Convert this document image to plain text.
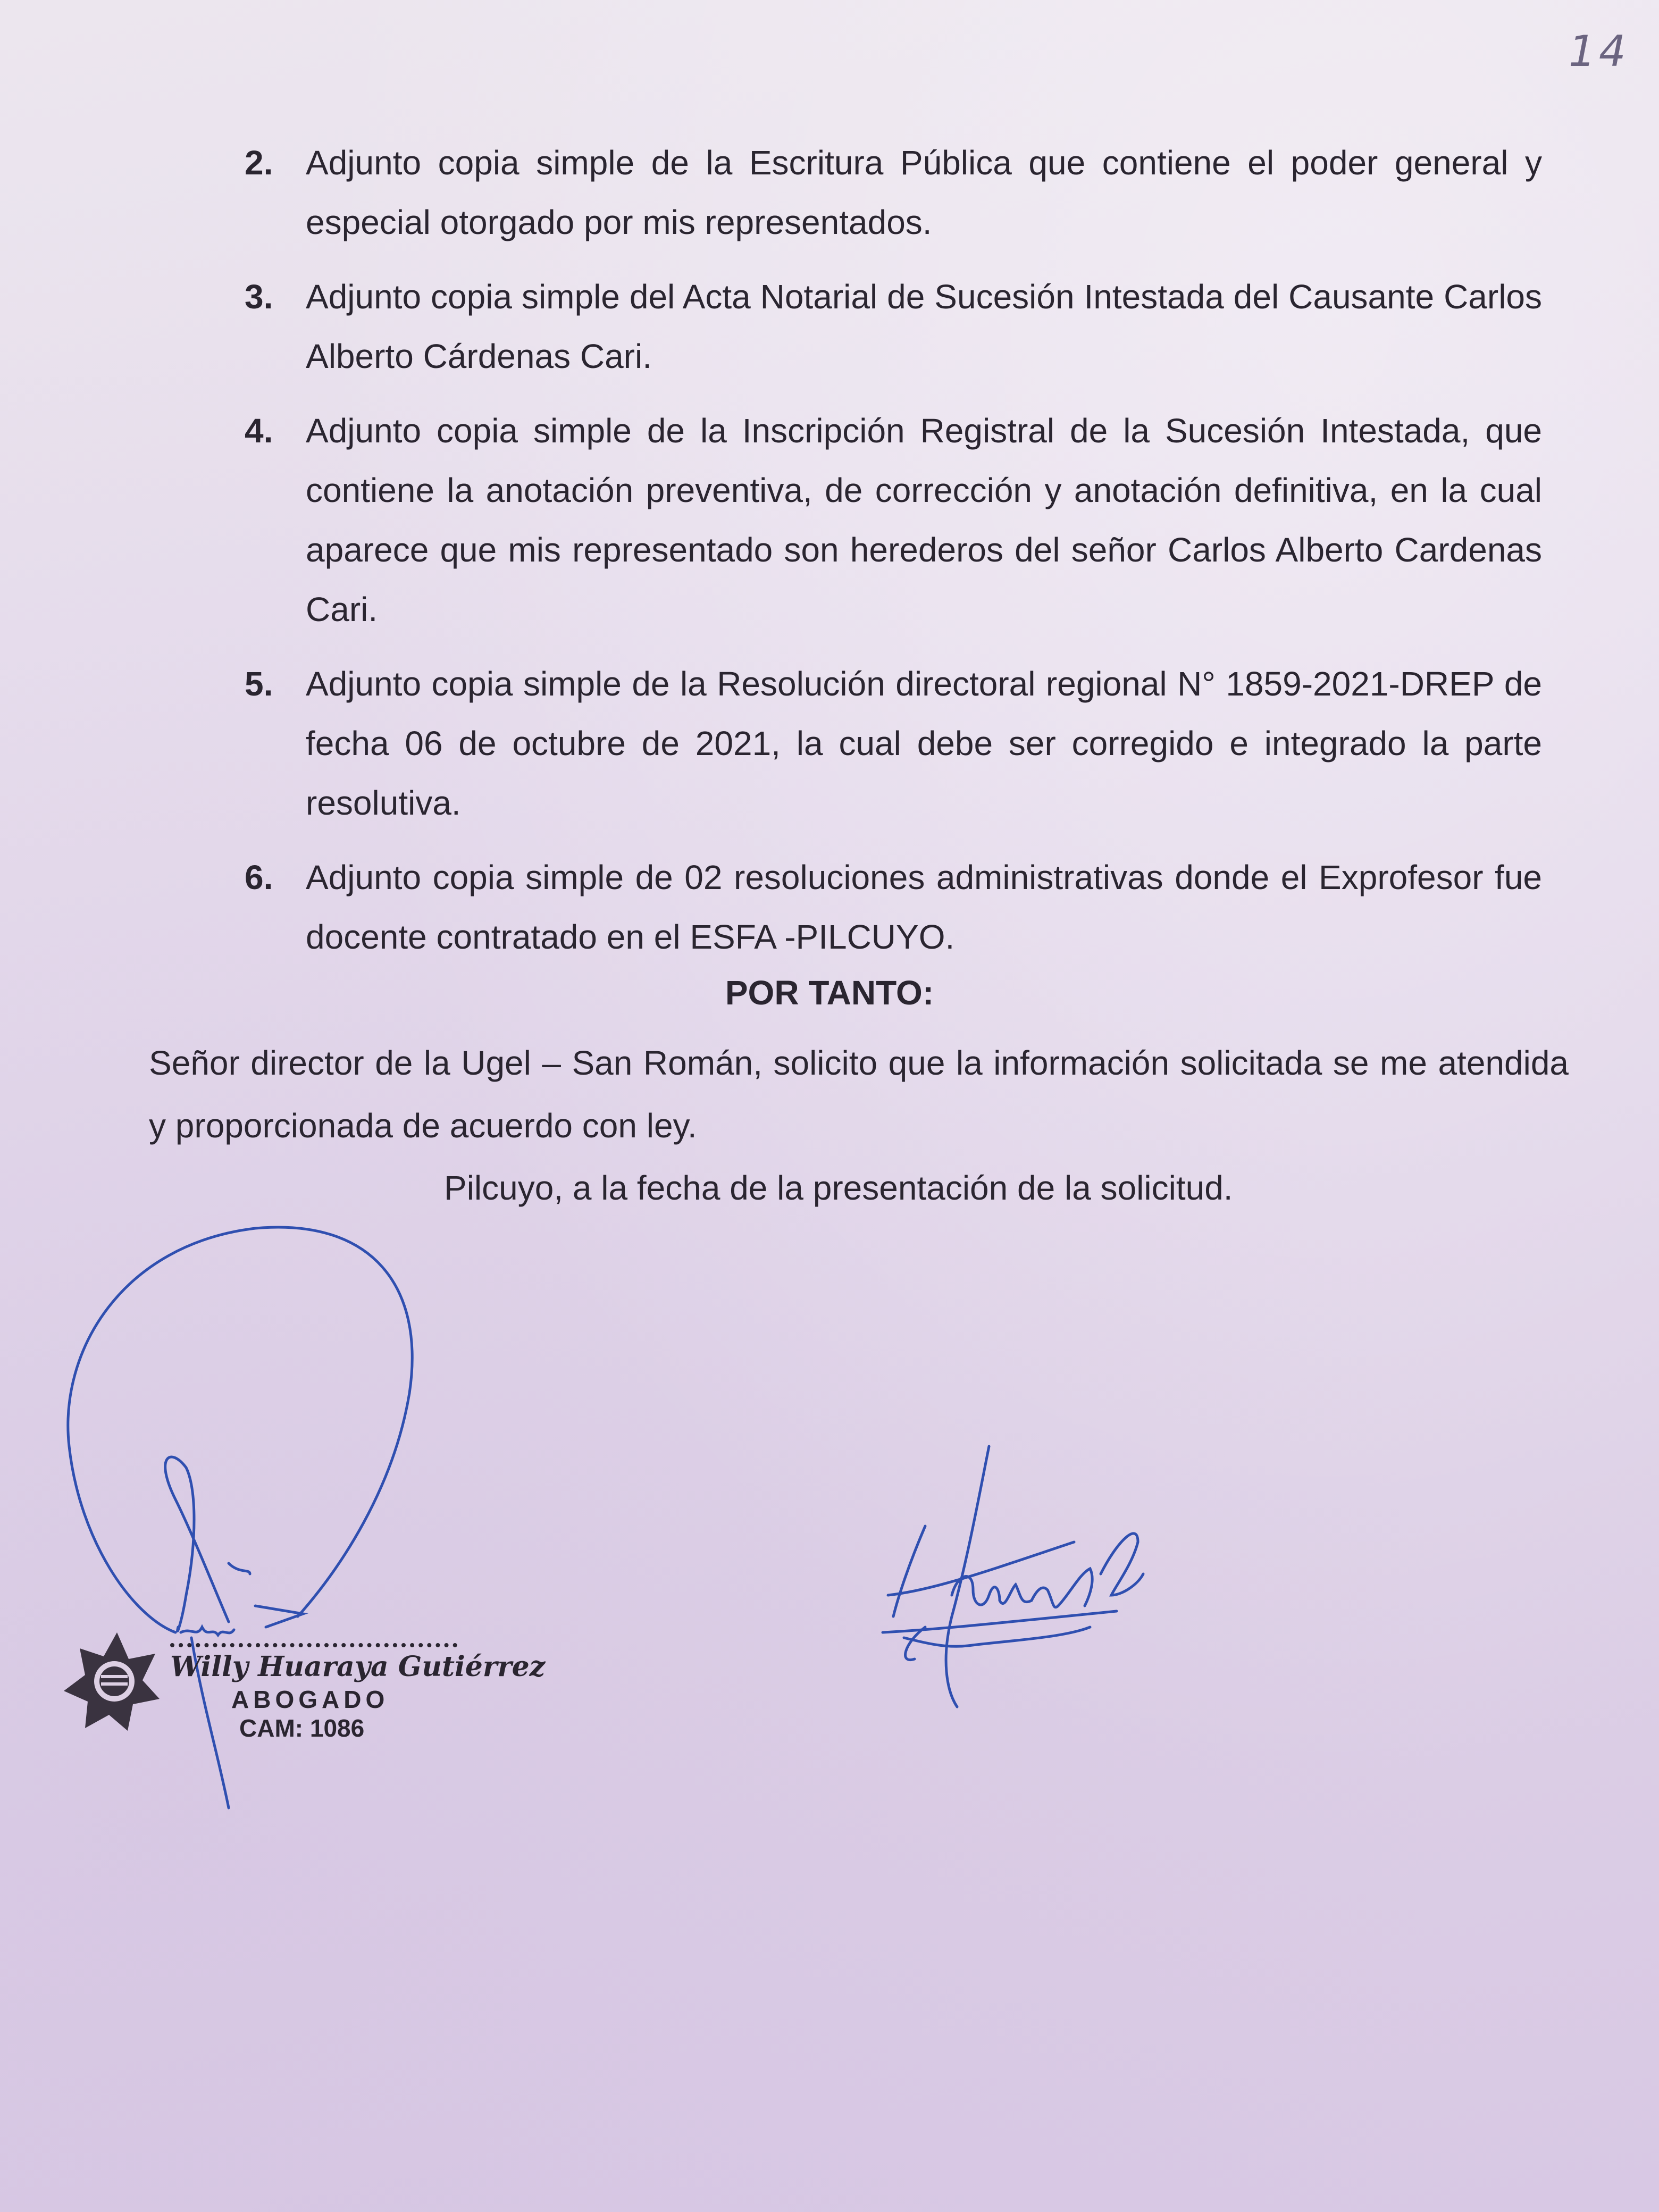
14
2. Adjunto copia simple de la Escritura Pública que contiene el poder general y especial otorgado por mis representados.
3. Adjunto copia simple del Acta Notarial de Sucesión Intestada del Causante Carlos Alberto Cárdenas Cari.
4. Adjunto copia simple de la Inscripción Registral de la Sucesión Intestada, que contiene la anotación preventiva, de corrección y anotación definitiva, en la cual aparece que mis representado son herederos del señor Carlos Alberto Cardenas Cari.
5. Adjunto copia simple de la Resolución directoral regional N° 1859-2021-DREP de fecha 06 de octubre de 2021, la cual debe ser corregido e integrado la parte resolutiva.
6. Adjunto copia simple de 02 resoluciones administrativas donde el Exprofesor fue docente contratado en el ESFA -PILCUYO.
POR TANTO:

Señor director de la Ugel – San Román, solicito que la información solicitada se me atendida y proporcionada de acuerdo con ley.

Pilcuyo, a la fecha de la presentación de la solicitud.

Willy Huaraya Gutiérrez

ABOGADO

CAM: 1086
